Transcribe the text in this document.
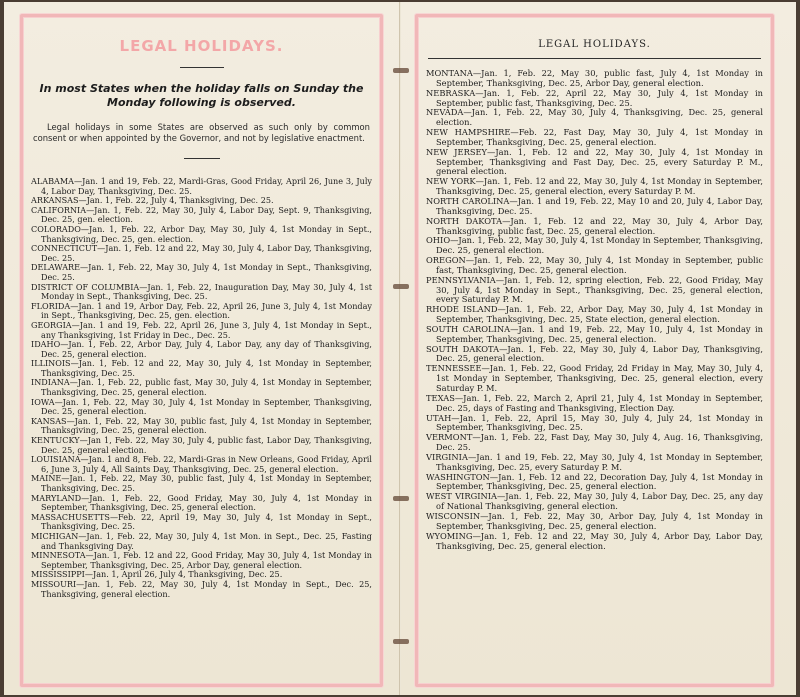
LEGAL HOLIDAYS.
In most States when the holiday falls on Sunday the Monday following is observed.
Legal holidays in some States are observed as such only by common consent or when appointed by the Governor, and not by legislative enactment.

ALABAMA—Jan. 1 and 19, Feb. 22, Mardi-Gras, Good Friday, April 26, June 3, July 4, Labor Day, Thanksgiving, Dec. 25.

ARKANSAS—Jan. 1, Feb. 22, July 4, Thanksgiving, Dec. 25.

CALIFORNIA—Jan. 1, Feb. 22, May 30, July 4, Labor Day, Sept. 9, Thanksgiving, Dec. 25, gen. election.

COLORADO—Jan. 1, Feb. 22, Arbor Day, May 30, July 4, 1st Monday in Sept., Thanksgiving, Dec. 25, gen. election.

CONNECTICUT—Jan. 1, Feb. 12 and 22, May 30, July 4, Labor Day, Thanksgiving, Dec. 25.

DELAWARE—Jan. 1, Feb. 22, May 30, July 4, 1st Monday in Sept., Thanksgiving, Dec. 25.

DISTRICT OF COLUMBIA—Jan. 1, Feb. 22, Inauguration Day, May 30, July 4, 1st Monday in Sept., Thanksgiving, Dec. 25.

FLORIDA—Jan. 1 and 19, Arbor Day, Feb. 22, April 26, June 3, July 4, 1st Monday in Sept., Thanksgiving, Dec. 25, gen. election.

GEORGIA—Jan. 1 and 19, Feb. 22, April 26, June 3, July 4, 1st Monday in Sept., any Thanksgiving, 1st Friday in Dec., Dec. 25.

IDAHO—Jan. 1, Feb. 22, Arbor Day, July 4, Labor Day, any day of Thanksgiving, Dec. 25, general election.

ILLINOIS—Jan. 1, Feb. 12 and 22, May 30, July 4, 1st Monday in September, Thanksgiving, Dec. 25.

INDIANA—Jan. 1, Feb. 22, public fast, May 30, July 4, 1st Monday in September, Thanksgiving, Dec. 25, general election.

IOWA—Jan. 1, Feb. 22, May 30, July 4, 1st Monday in September, Thanksgiving, Dec. 25, general election.

KANSAS—Jan. 1, Feb. 22, May 30, public fast, July 4, 1st Monday in September, Thanksgiving, Dec. 25, general election.

KENTUCKY—Jan 1, Feb. 22, May 30, July 4, public fast, Labor Day, Thanksgiving, Dec. 25, general election.

LOUISIANA—Jan. 1 and 8, Feb. 22, Mardi-Gras in New Orleans, Good Friday, April 6, June 3, July 4, All Saints Day, Thanksgiving, Dec. 25, general election.

MAINE—Jan. 1, Feb. 22, May 30, public fast, July 4, 1st Monday in September, Thanksgiving, Dec. 25.

MARYLAND—Jan. 1, Feb. 22, Good Friday, May 30, July 4, 1st Monday in September, Thanksgiving, Dec. 25, general election.

MASSACHUSETTS—Feb. 22, April 19, May 30, July 4, 1st Monday in Sept., Thanksgiving, Dec. 25.

MICHIGAN—Jan. 1, Feb. 22, May 30, July 4, 1st Mon. in Sept., Dec. 25, Fasting and Thanksgiving Day.

MINNESOTA—Jan. 1, Feb. 12 and 22, Good Friday, May 30, July 4, 1st Monday in September, Thanksgiving, Dec. 25, Arbor Day, general election.

MISSISSIPPI—Jan. 1, April 26, July 4, Thanksgiving, Dec. 25.

MISSOURI—Jan. 1, Feb. 22, May 30, July 4, 1st Monday in Sept., Dec. 25, Thanksgiving, general election.

LEGAL HOLIDAYS.

MONTANA—Jan. 1, Feb. 22, May 30, public fast, July 4, 1st Monday in September, Thanksgiving, Dec. 25, Arbor Day, general election.

NEBRASKA—Jan. 1, Feb. 22, April 22, May 30, July 4, 1st Monday in September, public fast, Thanksgiving, Dec. 25.

NEVADA—Jan. 1, Feb. 22, May 30, July 4, Thanksgiving, Dec. 25, general election.

NEW HAMPSHIRE—Feb. 22, Fast Day, May 30, July 4, 1st Monday in September, Thanksgiving, Dec. 25, general election.

NEW JERSEY—Jan. 1, Feb. 12 and 22, May 30, July 4, 1st Monday in September, Thanksgiving and Fast Day, Dec. 25, every Saturday P. M., general election.

NEW YORK—Jan. 1, Feb. 12 and 22, May 30, July 4, 1st Monday in September, Thanksgiving, Dec. 25, general election, every Saturday P. M.

NORTH CAROLINA—Jan. 1 and 19, Feb. 22, May 10 and 20, July 4, Labor Day, Thanksgiving, Dec. 25.

NORTH DAKOTA—Jan. 1, Feb. 12 and 22, May 30, July 4, Arbor Day, Thanksgiving, public fast, Dec. 25, general election.

OHIO—Jan. 1, Feb. 22, May 30, July 4, 1st Monday in September, Thanksgiving, Dec. 25, general election.

OREGON—Jan. 1, Feb. 22, May 30, July 4, 1st Monday in September, public fast, Thanksgiving, Dec. 25, general election.

PENNSYLVANIA—Jan. 1, Feb. 12, spring election, Feb. 22, Good Friday, May 30, July 4, 1st Monday in Sept., Thanksgiving, Dec. 25, general election, every Saturday P. M.

RHODE ISLAND—Jan. 1, Feb. 22, Arbor Day, May 30, July 4, 1st Monday in September, Thanksgiving, Dec. 25, State election, general election.

SOUTH CAROLINA—Jan. 1 and 19, Feb. 22, May 10, July 4, 1st Monday in September, Thanksgiving, Dec. 25, general election.

SOUTH DAKOTA—Jan. 1, Feb. 22, May 30, July 4, Labor Day, Thanksgiving, Dec. 25, general election.

TENNESSEE—Jan. 1, Feb. 22, Good Friday, 2d Friday in May, May 30, July 4, 1st Monday in September, Thanksgiving, Dec. 25, general election, every Saturday P. M.

TEXAS—Jan. 1, Feb. 22, March 2, April 21, July 4, 1st Monday in September, Dec. 25, days of Fasting and Thanksgiving, Election Day.

UTAH—Jan. 1, Feb. 22, April 15, May 30, July 4, July 24, 1st Monday in September, Thanksgiving, Dec. 25.

VERMONT—Jan. 1, Feb. 22, Fast Day, May 30, July 4, Aug. 16, Thanksgiving, Dec. 25.

VIRGINIA—Jan. 1 and 19, Feb. 22, May 30, July 4, 1st Monday in September, Thanksgiving, Dec. 25, every Saturday P. M.

WASHINGTON—Jan. 1, Feb. 12 and 22, Decoration Day, July 4, 1st Monday in September, Thanksgiving, Dec. 25, general election.

WEST VIRGINIA—Jan. 1, Feb. 22, May 30, July 4, Labor Day, Dec. 25, any day of National Thanksgiving, general election.

WISCONSIN—Jan. 1, Feb. 22, May 30, Arbor Day, July 4, 1st Monday in September, Thanksgiving, Dec. 25, general election.

WYOMING—Jan. 1, Feb. 12 and 22, May 30, July 4, Arbor Day, Labor Day, Thanksgiving, Dec. 25, general election.
